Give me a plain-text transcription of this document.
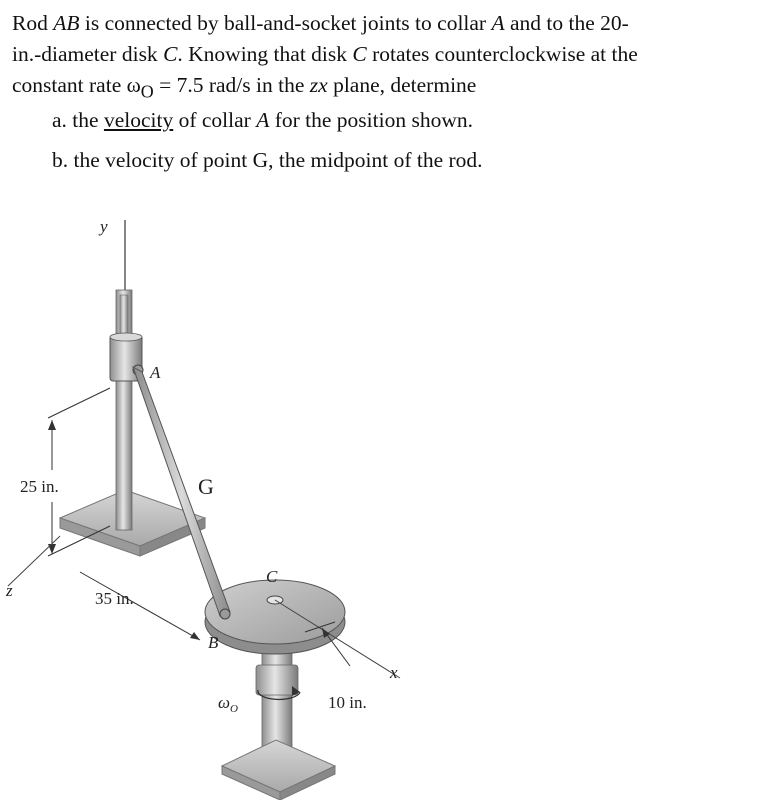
Rod AB is connected by ball-and-socket joints to collar A and to the 20-

in.-diameter disk C. Knowing that disk C rotates counterclockwise at the

constant rate $\omega_O = 7.5$ rad/s in the zx plane, determine

a. the velocity of collar A for the position shown.
b. the velocity of point G, the midpoint of the rod.
y
A
C
B
G
25 in.
z	35 in.
x
10 in.
$\omega_O$
